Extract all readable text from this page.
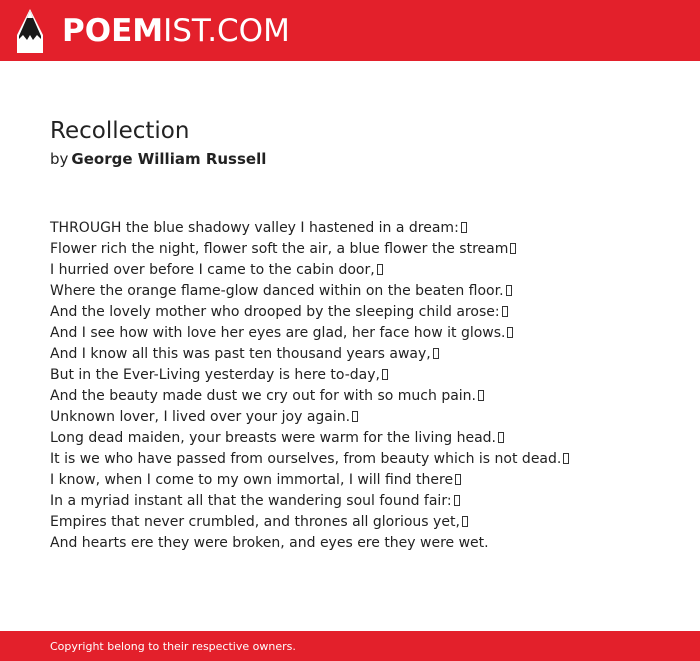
POEMIST.COM
Recollection
by George William Russell
THROUGH the blue shadowy valley I hastened in a dream:
Flower rich the night, flower soft the air, a blue flower the stream
I hurried over before I came to the cabin door,
Where the orange flame-glow danced within on the beaten floor.
And the lovely mother who drooped by the sleeping child arose:
And I see how with love her eyes are glad, her face how it glows.
And I know all this was past ten thousand years away,
But in the Ever-Living yesterday is here to-day,
And the beauty made dust we cry out for with so much pain.
Unknown lover, I lived over your joy again.
Long dead maiden, your breasts were warm for the living head.
It is we who have passed from ourselves, from beauty which is not dead.
I know, when I come to my own immortal, I will find there
In a myriad instant all that the wandering soul found fair:
Empires that never crumbled, and thrones all glorious yet,
And hearts ere they were broken, and eyes ere they were wet.
Copyright belong to their respective owners.
